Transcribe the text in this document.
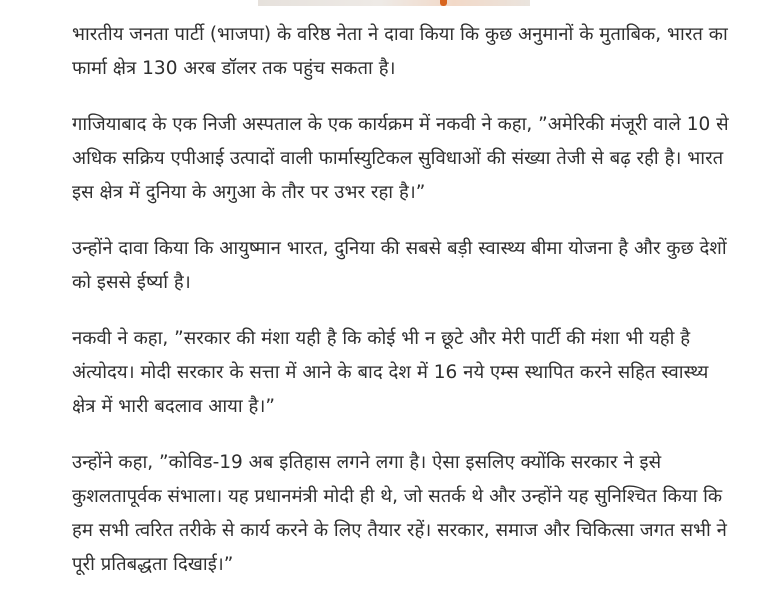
भारतीय जनता पार्टी (भाजपा) के वरिष्ठ नेता ने दावा किया कि कुछ अनुमानों के मुताबिक, भारत का फार्मा क्षेत्र 130 अरब डॉलर तक पहुंच सकता है।

गाजियाबाद के एक निजी अस्पताल के एक कार्यक्रम में नकवी ने कहा, ”अमेरिकी मंजूरी वाले 10 से अधिक सक्रिय एपीआई उत्पादों वाली फार्मास्युटिकल सुविधाओं की संख्या तेजी से बढ़ रही है। भारत इस क्षेत्र में दुनिया के अगुआ के तौर पर उभर रहा है।”

उन्होंने दावा किया कि आयुष्मान भारत, दुनिया की सबसे बड़ी स्वास्थ्य बीमा योजना है और कुछ देशों को इससे ईर्ष्या है।

नकवी ने कहा, ”सरकार की मंशा यही है कि कोई भी न छूटे और मेरी पार्टी की मंशा भी यही है अंत्योदय। मोदी सरकार के सत्ता में आने के बाद देश में 16 नये एम्स स्थापित करने सहित स्वास्थ्य क्षेत्र में भारी बदलाव आया है।”

उन्होंने कहा, ”कोविड-19 अब इतिहास लगने लगा है। ऐसा इसलिए क्योंकि सरकार ने इसे कुशलतापूर्वक संभाला। यह प्रधानमंत्री मोदी ही थे, जो सतर्क थे और उन्होंने यह सुनिश्चित किया कि हम सभी त्वरित तरीके से कार्य करने के लिए तैयार रहें। सरकार, समाज और चिकित्सा जगत सभी ने पूरी प्रतिबद्धता दिखाई।”
